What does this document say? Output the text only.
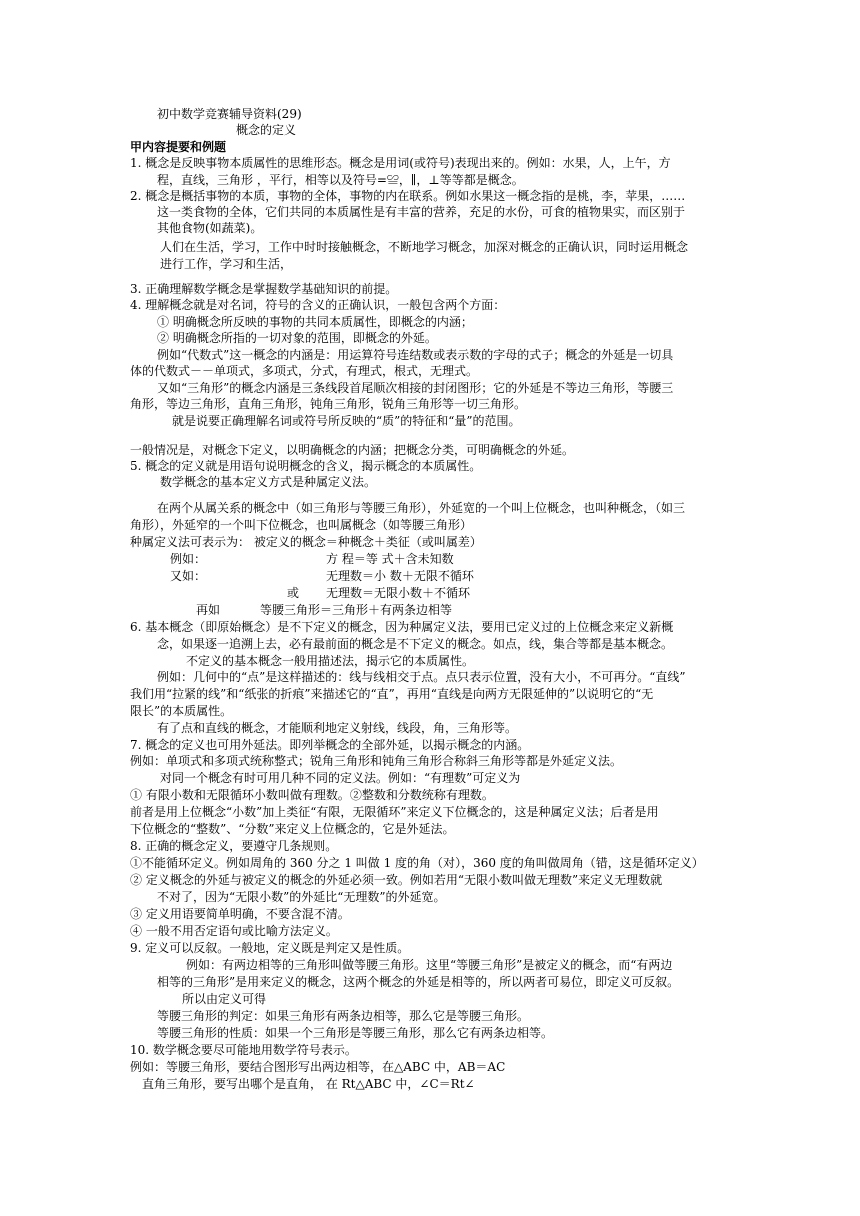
初中数学竞赛辅导资料(29)
概念的定义
甲内容提要和例题
1. 概念是反映事物本质属性的思维形态。概念是用词(或符号)表现出来的。例如：水果，人，上午，方
程，直线，三角形 ，平行，相等以及符号=≌，∥，⊥等等都是概念。
2. 概念是概括事物的本质，事物的全体，事物的内在联系。例如水果这一概念指的是桃，李，苹果，……
这一类食物的全体，它们共同的本质属性是有丰富的营养，充足的水份，可食的植物果实，而区别于
其他食物(如蔬菜)。
人们在生活，学习，工作中时时接触概念，不断地学习概念，加深对概念的正确认识，同时运用概念
进行工作，学习和生活，
3. 正确理解数学概念是掌握数学基础知识的前提。
4. 理解概念就是对名词，符号的含义的正确认识，一般包含两个方面：
① 明确概念所反映的事物的共同本质属性，即概念的内涵；
② 明确概念所指的一切对象的范围，即概念的外延。
例如“代数式”这一概念的内涵是：用运算符号连结数或表示数的字母的式子；概念的外延是一切具
体的代数式－－单项式，多项式，分式，有理式，根式，无理式。
又如“三角形”的概念内涵是三条线段首尾顺次相接的封闭图形；它的外延是不等边三角形，等腰三
角形，等边三角形，直角三角形，钝角三角形，锐角三角形等一切三角形。
就是说要正确理解名词或符号所反映的“质”的特征和“量”的范围。
一般情况是，对概念下定义，以明确概念的内涵；把概念分类，可明确概念的外延。
5. 概念的定义就是用语句说明概念的含义，揭示概念的本质属性。
数学概念的基本定义方式是种属定义法。
在两个从属关系的概念中（如三角形与等腰三角形），外延宽的一个叫上位概念，也叫种概念，（如三
角形），外延窄的一个叫下位概念，也叫属概念（如等腰三角形）
种属定义法可表示为： 被定义的概念＝种概念＋类征（或叫属差）
例如：	方 程＝等 式＋含未知数
又如：	无理数＝小 数＋无限不循环
或 无理数＝无限小数＋不循环
再如	等腰三角形＝三角形＋有两条边相等
6. 基本概念（即原始概念）是不下定义的概念，因为种属定义法，要用已定义过的上位概念来定义新概
念，如果逐一追溯上去，必有最前面的概念是不下定义的概念。如点，线，集合等都是基本概念。
不定义的基本概念一般用描述法，揭示它的本质属性。
例如：几何中的“点”是这样描述的：线与线相交于点。点只表示位置，没有大小，不可再分。“直线”
我们用“拉紧的线”和“纸张的折痕”来描述它的“直”，再用“直线是向两方无限延伸的”以说明它的“无
限长”的本质属性。
有了点和直线的概念，才能顺利地定义射线，线段，角，三角形等。
7. 概念的定义也可用外延法。即列举概念的全部外延，以揭示概念的内涵。
例如：单项式和多项式统称整式；锐角三角形和钝角三角形合称斜三角形等都是外延定义法。
对同一个概念有时可用几种不同的定义法。例如：“有理数”可定义为
① 有限小数和无限循环小数叫做有理数。②整数和分数统称有理数。
前者是用上位概念“小数”加上类征“有限，无限循环”来定义下位概念的，这是种属定义法；后者是用
下位概念的“整数”、“分数”来定义上位概念的，它是外延法。
8. 正确的概念定义，要遵守几条规则。
①不能循环定义。例如周角的 360 分之 1 叫做 1 度的角（对），360 度的角叫做周角（错，这是循环定义）
② 定义概念的外延与被定义的概念的外延必须一致。例如若用“无限小数叫做无理数”来定义无理数就
不对了，因为“无限小数”的外延比“无理数”的外延宽。
③ 定义用语要简单明确，不要含混不清。
④ 一般不用否定语句或比喻方法定义。
9. 定义可以反叙。一般地，定义既是判定又是性质。
例如：有两边相等的三角形叫做等腰三角形。这里“等腰三角形”是被定义的概念，而“有两边
相等的三角形”是用来定义的概念，这两个概念的外延是相等的，所以两者可易位，即定义可反叙。
所以由定义可得
等腰三角形的判定：如果三角形有两条边相等，那么它是等腰三角形。
等腰三角形的性质：如果一个三角形是等腰三角形，那么它有两条边相等。
10. 数学概念要尽可能地用数学符号表示。
例如：等腰三角形，要结合图形写出两边相等，在△ABC 中，AB＝AC
直角三角形，要写出哪个是直角， 在 Rt△ABC 中，∠C＝Rt∠
